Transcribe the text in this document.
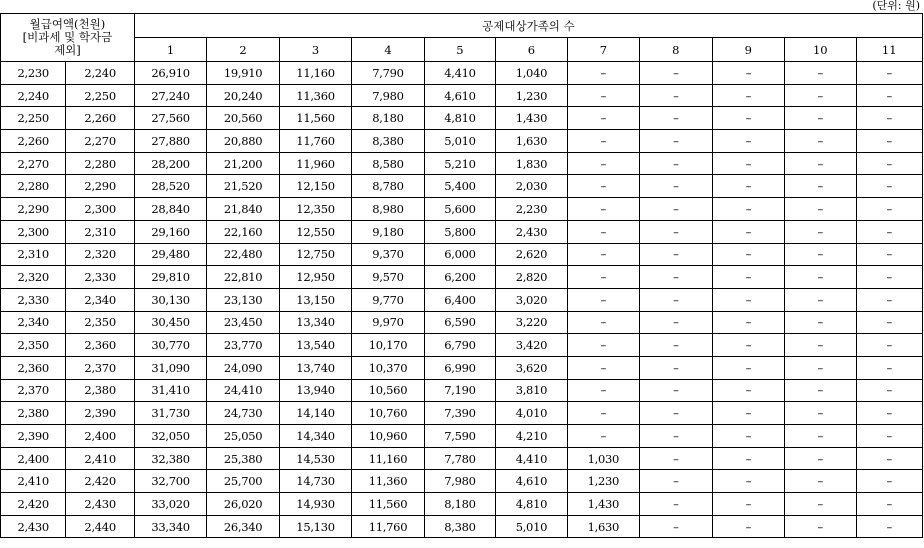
(단위: 원)
월급여액(천원)
[비과세 및 학자금
제외]		공제대상가족의 수										
		1	2	3	4	5	6	7	8	9	10	11
2,230	2,240	26,910	19,910	11,160	7,790	4,410	1,040	–	–	–	–	–
2,240	2,250	27,240	20,240	11,360	7,980	4,610	1,230	–	–	–	–	–
2,250	2,260	27,560	20,560	11,560	8,180	4,810	1,430	–	–	–	–	–
2,260	2,270	27,880	20,880	11,760	8,380	5,010	1,630	–	–	–	–	–
2,270	2,280	28,200	21,200	11,960	8,580	5,210	1,830	–	–	–	–	–
2,280	2,290	28,520	21,520	12,150	8,780	5,400	2,030	–	–	–	–	–
2,290	2,300	28,840	21,840	12,350	8,980	5,600	2,230	–	–	–	–	–
2,300	2,310	29,160	22,160	12,550	9,180	5,800	2,430	–	–	–	–	–
2,310	2,320	29,480	22,480	12,750	9,370	6,000	2,620	–	–	–	–	–
2,320	2,330	29,810	22,810	12,950	9,570	6,200	2,820	–	–	–	–	–
2,330	2,340	30,130	23,130	13,150	9,770	6,400	3,020	–	–	–	–	–
2,340	2,350	30,450	23,450	13,340	9,970	6,590	3,220	–	–	–	–	–
2,350	2,360	30,770	23,770	13,540	10,170	6,790	3,420	–	–	–	–	–
2,360	2,370	31,090	24,090	13,740	10,370	6,990	3,620	–	–	–	–	–
2,370	2,380	31,410	24,410	13,940	10,560	7,190	3,810	–	–	–	–	–
2,380	2,390	31,730	24,730	14,140	10,760	7,390	4,010	–	–	–	–	–
2,390	2,400	32,050	25,050	14,340	10,960	7,590	4,210	–	–	–	–	–
2,400	2,410	32,380	25,380	14,530	11,160	7,780	4,410	1,030	–	–	–	–
2,410	2,420	32,700	25,700	14,730	11,360	7,980	4,610	1,230	–	–	–	–
2,420	2,430	33,020	26,020	14,930	11,560	8,180	4,810	1,430	–	–	–	–
2,430	2,440	33,340	26,340	15,130	11,760	8,380	5,010	1,630	–	–	–	–
